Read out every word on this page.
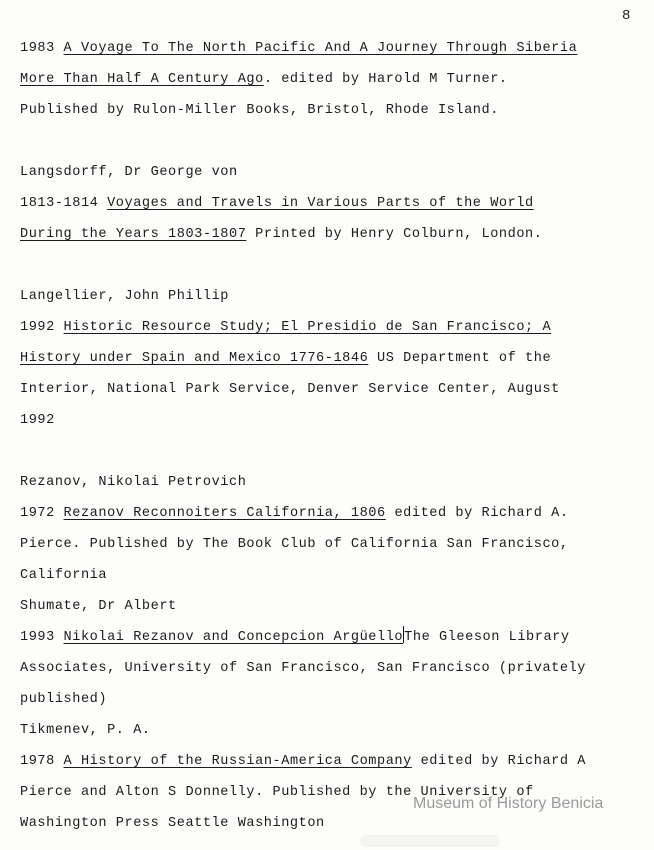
8
1983 A Voyage To The North Pacific And A Journey Through Siberia
More Than Half A Century Ago. edited by Harold M Turner.
Published by Rulon-Miller Books, Bristol, Rhode Island.
Langsdorff, Dr George von
1813-1814 Voyages and Travels in Various Parts of the World
During the Years 1803-1807 Printed by Henry Colburn, London.
Langellier, John Phillip
1992 Historic Resource Study; El Presidio de San Francisco; A
History under Spain and Mexico 1776-1846 US Department of the
Interior, National Park Service, Denver Service Center, August
1992
Rezanov, Nikolai Petrovich
1972 Rezanov Reconnoiters California, 1806 edited by Richard A.
Pierce. Published by The Book Club of California San Francisco,
California
Shumate, Dr Albert
1993 Nikolai Rezanov and Concepcion ArgüelloThe Gleeson Library
Associates, University of San Francisco, San Francisco (privately
published)
Tikmenev, P. A.
1978 A History of the Russian-America Company edited by Richard A
Pierce and Alton S Donnelly. Published by the University of
Washington Press Seattle Washington
Museum of History Benicia
